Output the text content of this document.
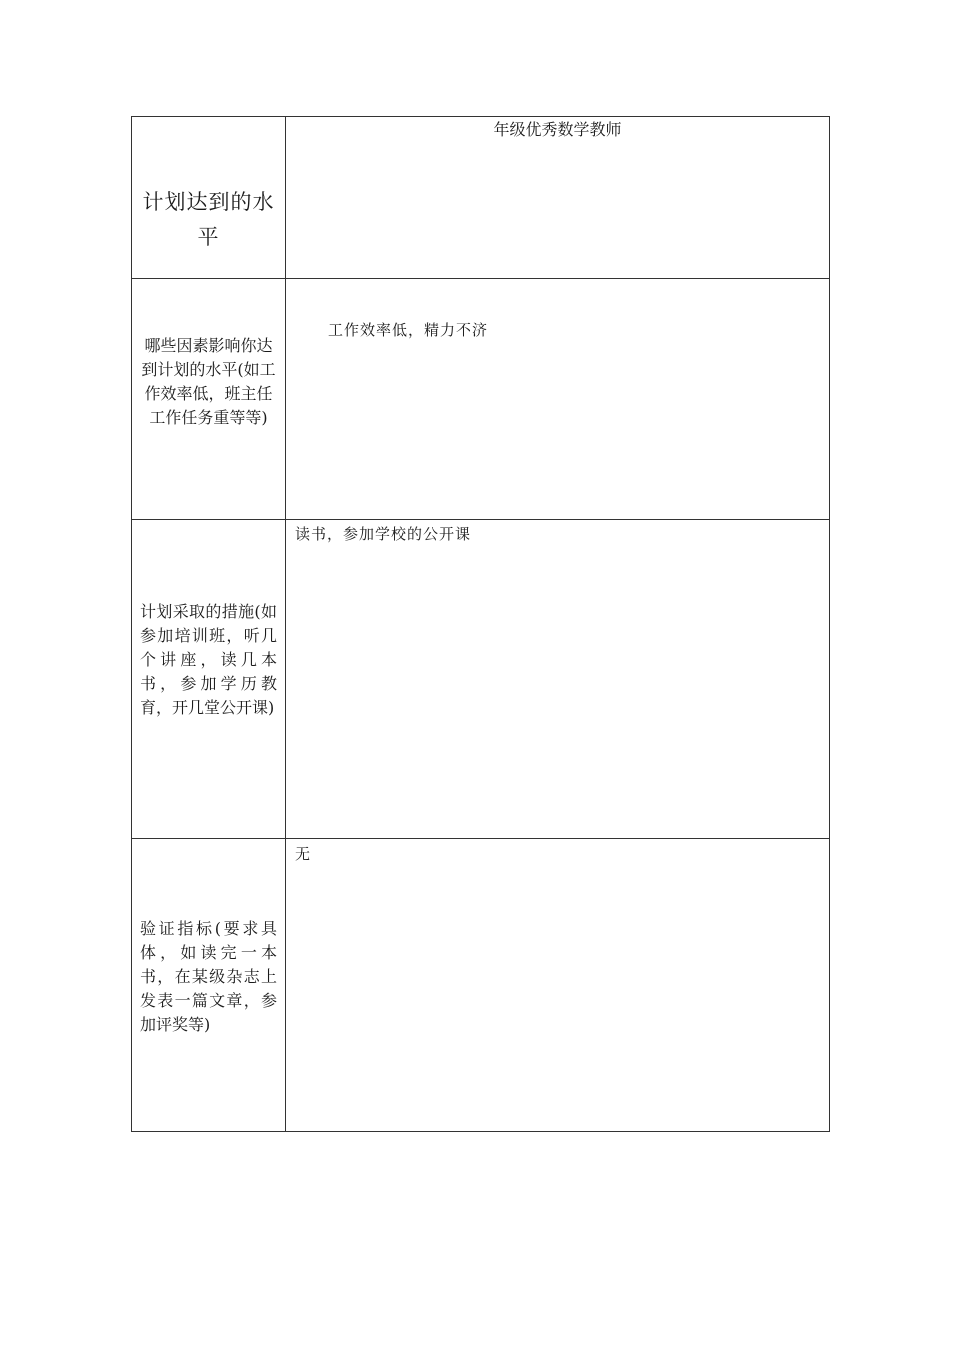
计划达到的水平	年级优秀数学教师

哪些因素影响你达到计划的水平(如工作效率低，班主任工作任务重等等)	工作效率低，精力不济

计划采取的措施(如参加培训班，听几个讲座，读几本书，参加学历教育，开几堂公开课)	读书，参加学校的公开课

验证指标(要求具体，如读完一本书，在某级杂志上发表一篇文章，参加评奖等)	无
